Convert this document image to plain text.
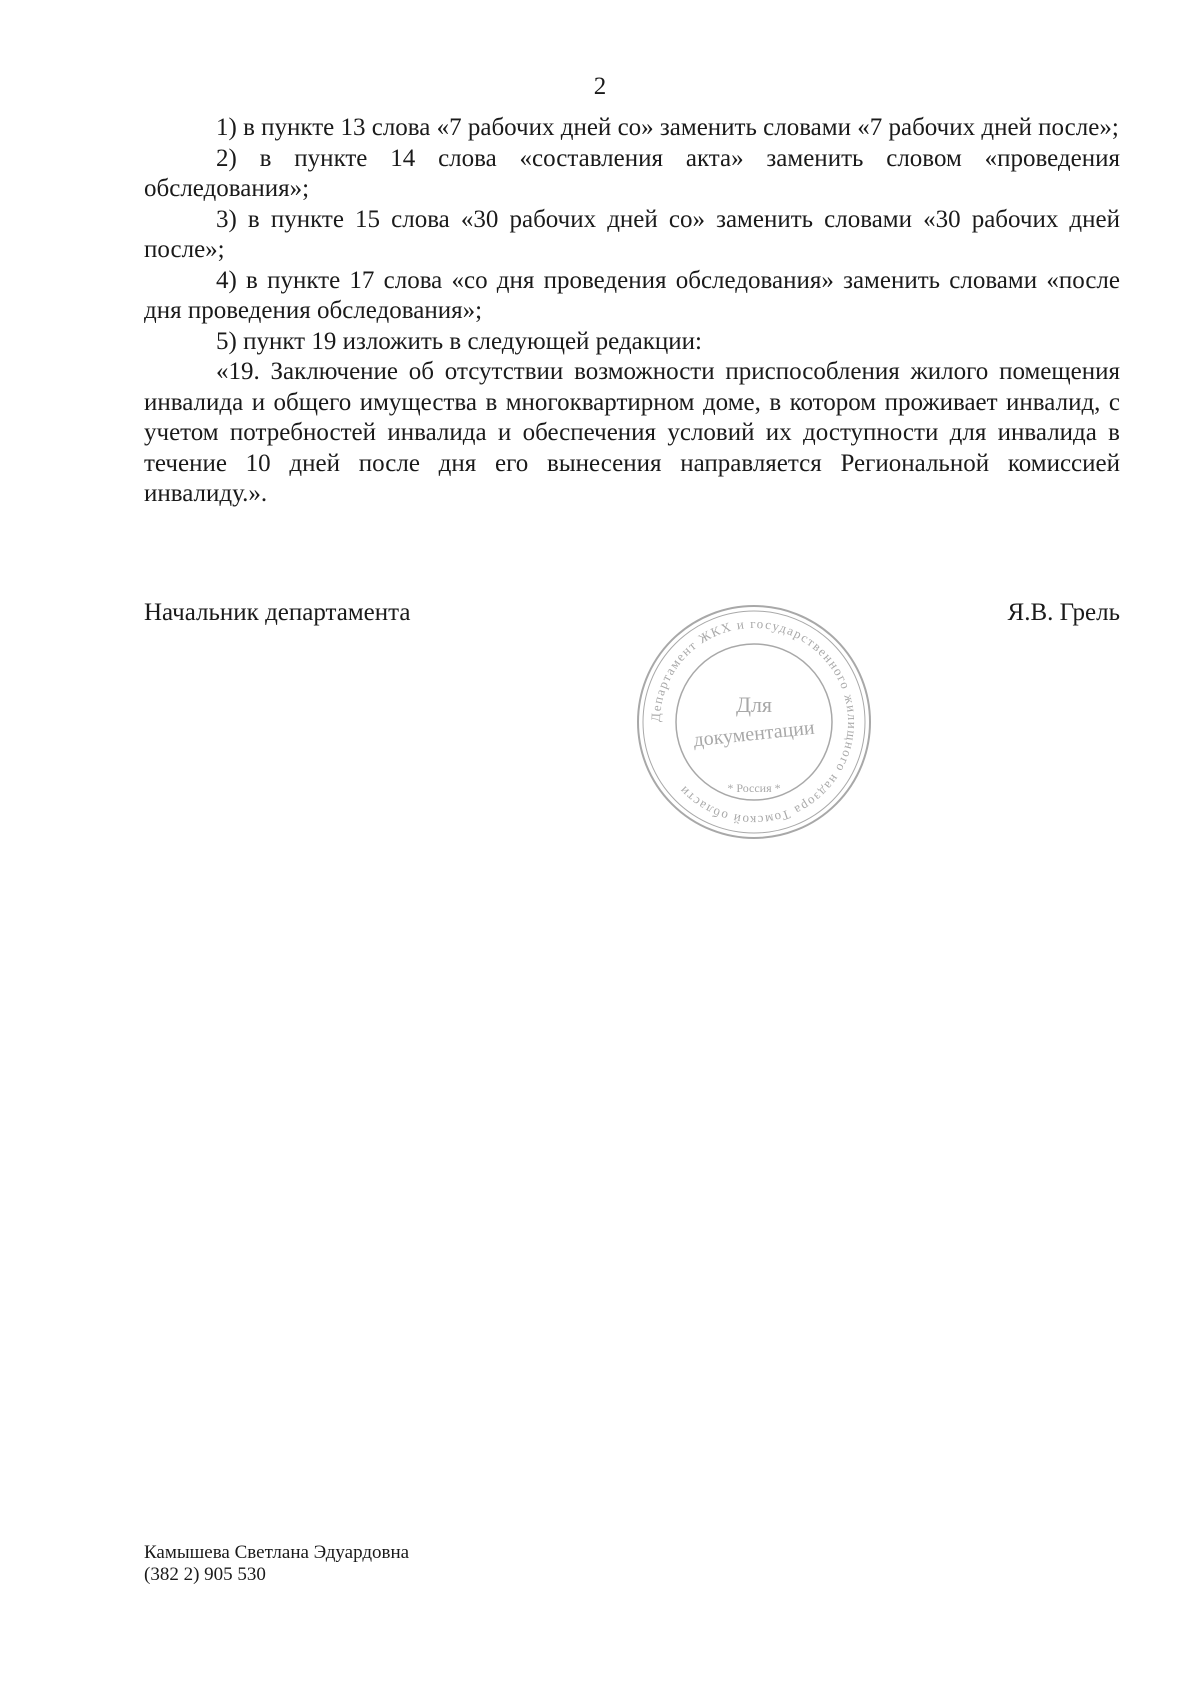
2

1) в пункте 13 слова «7 рабочих дней со» заменить словами «7 рабочих дней после»;

2) в пункте 14 слова «составления акта» заменить словом «проведения обследования»;

3) в пункте 15 слова «30 рабочих дней со» заменить словами «30 рабочих дней после»;

4) в пункте 17 слова «со дня проведения обследования» заменить словами «после дня проведения обследования»;

5) пункт 19 изложить в следующей редакции:

«19. Заключение об отсутствии возможности приспособления жилого помещения инвалида и общего имущества в многоквартирном доме, в котором проживает инвалид, с учетом потребностей инвалида и обеспечения условий их доступности для инвалида в течение 10 дней после дня его вынесения направляется Региональной комиссией инвалиду.».

Начальник департамента	Я.В. Грель
Департамент ЖКХ и государственного жилищного надзора Томской области
Для
документации
* Россия *
Камышева Светлана Эдуардовна
(382 2) 905 530
